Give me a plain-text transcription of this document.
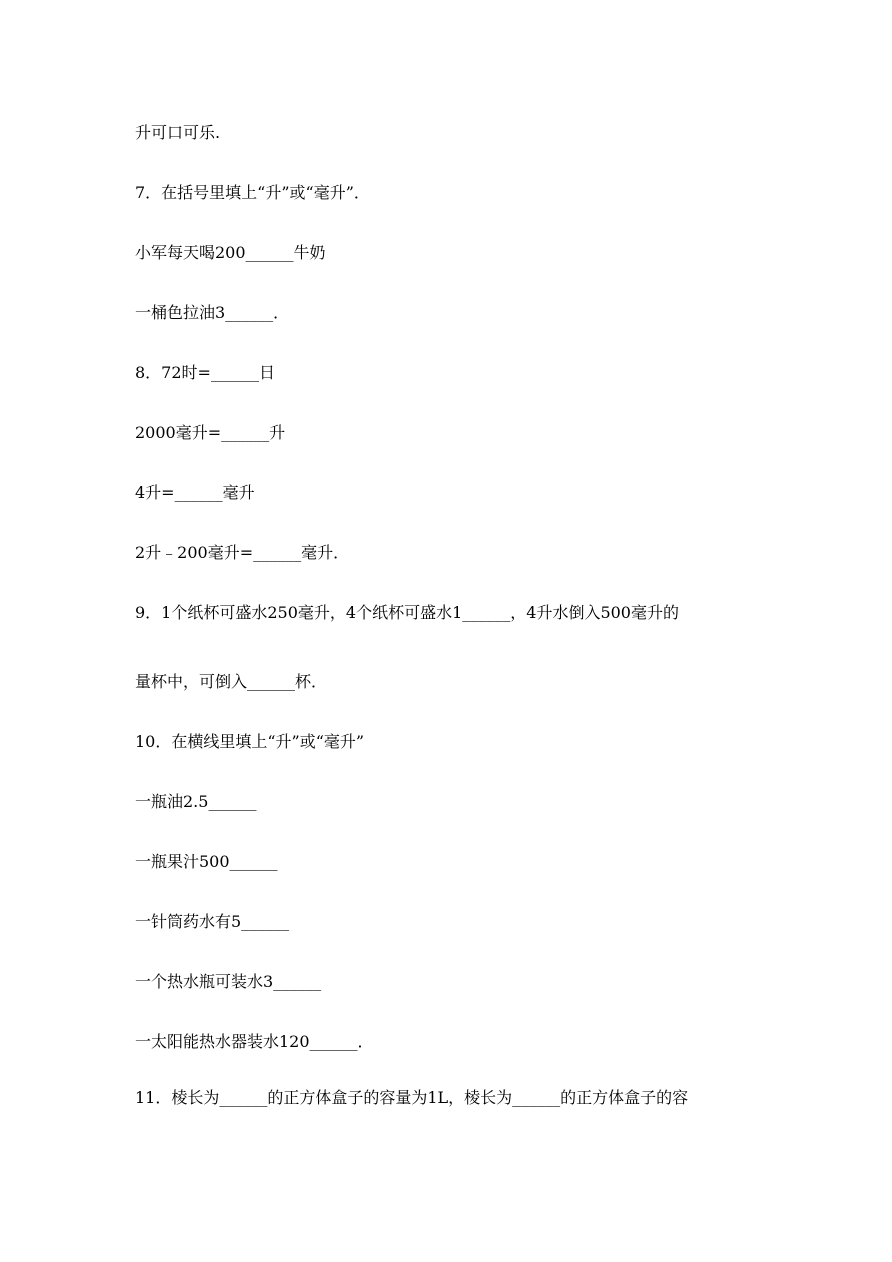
升可口可乐.
7．在括号里填上“升”或“毫升”．
小军每天喝200______牛奶
一桶色拉油3______．
8．72时=______日
2000毫升=______升
4升=______毫升
2升﹣200毫升=______毫升．
9．1个纸杯可盛水250毫升，4个纸杯可盛水1______，4升水倒入500毫升的
量杯中，可倒入______杯．
10．在横线里填上“升”或“毫升”
一瓶油2.5______
一瓶果汁500______
一针筒药水有5______
一个热水瓶可装水3______
一太阳能热水器装水120______．
11．棱长为______的正方体盒子的容量为1L，棱长为______的正方体盒子的容
